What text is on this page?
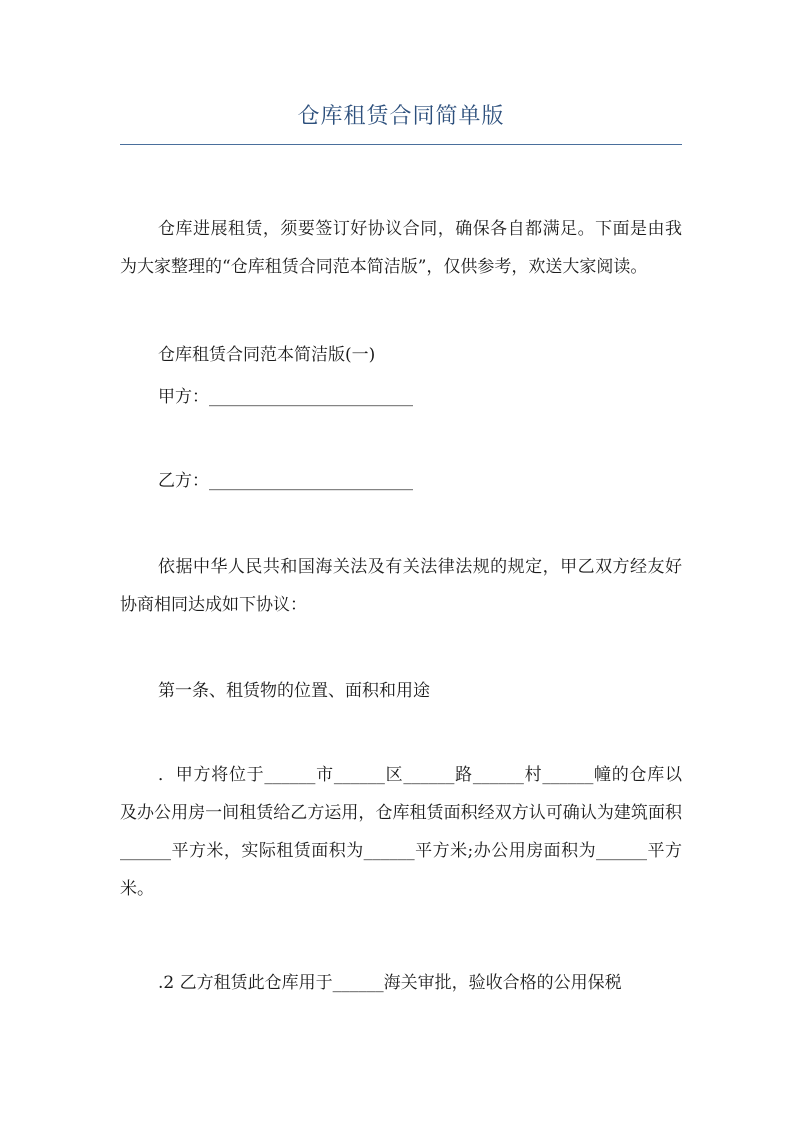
仓库租赁合同简单版
仓库进展租赁，须要签订好协议合同，确保各自都满足。下面是由我为大家整理的“仓库租赁合同范本简洁版”，仅供参考，欢送大家阅读。
仓库租赁合同范本简洁版(一)
甲方：________________________
乙方：________________________
依据中华人民共和国海关法及有关法律法规的规定，甲乙双方经友好协商相同达成如下协议：
第一条、租赁物的位置、面积和用途
．甲方将位于______市______区______路______村______幢的仓库以及办公用房一间租赁给乙方运用，仓库租赁面积经双方认可确认为建筑面积______平方米，实际租赁面积为______平方米;办公用房面积为______平方米。
.2 乙方租赁此仓库用于______海关审批，验收合格的公用保税
